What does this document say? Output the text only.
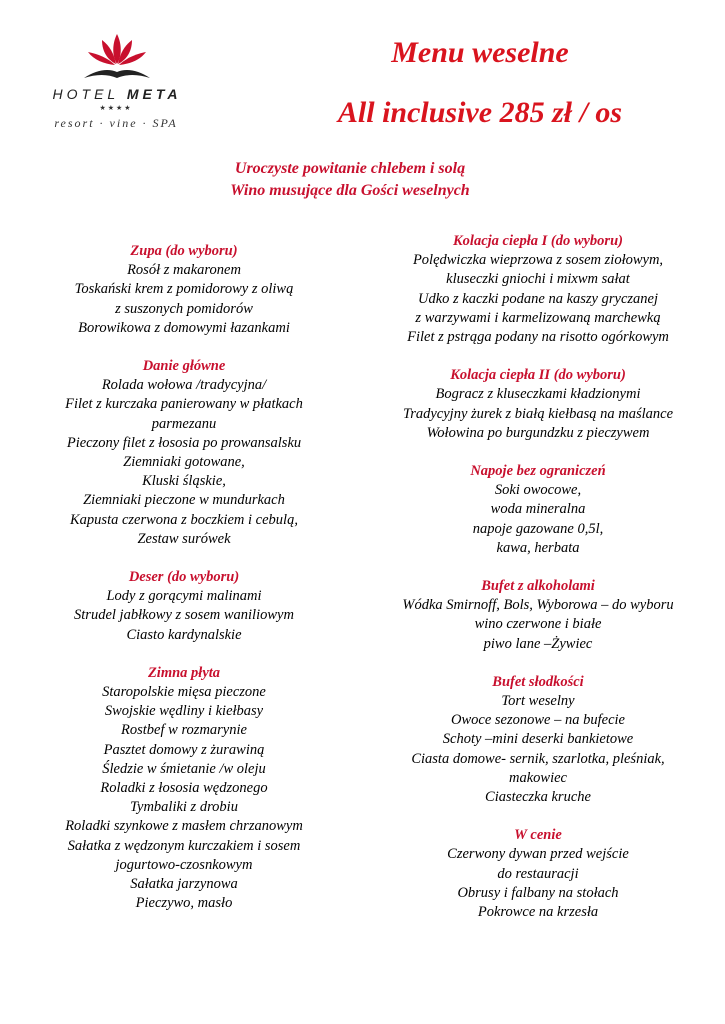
HOTEL META
★★★★
resort · vine · SPA
Menu weselne
All inclusive 285 zł / os
Uroczyste powitanie chlebem i solą
Wino musujące dla Gości weselnych
Zupa (do wyboru)
Rosół z makaronem
Toskański krem z pomidorowy z oliwą
z suszonych pomidorów
Borowikowa z domowymi łazankami
Danie główne
Rolada wołowa /tradycyjna/
Filet z kurczaka panierowany w płatkach
parmezanu
Pieczony filet z łososia po prowansalsku
Ziemniaki gotowane,
Kluski śląskie,
Ziemniaki pieczone w mundurkach
Kapusta czerwona z boczkiem i cebulą,
Zestaw surówek
Deser (do wyboru)
Lody z gorącymi malinami
Strudel jabłkowy z sosem waniliowym
Ciasto kardynalskie
Zimna płyta
Staropolskie mięsa pieczone
Swojskie wędliny i kiełbasy
Rostbef w rozmarynie
Pasztet domowy z żurawiną
Śledzie w śmietanie /w oleju
Roladki z łososia wędzonego
Tymbaliki z drobiu
Roladki szynkowe z masłem chrzanowym
Sałatka z wędzonym kurczakiem i sosem
jogurtowo-czosnkowym
Sałatka jarzynowa
Pieczywo, masło
Kolacja ciepła I (do wyboru)
Polędwiczka wieprzowa z sosem ziołowym,
kluseczki gniochi i mixwm sałat
Udko z kaczki podane na kaszy gryczanej
z warzywami i karmelizowaną marchewką
Filet z pstrąga podany na risotto ogórkowym
Kolacja ciepła II (do wyboru)
Bogracz z kluseczkami kładzionymi
Tradycyjny żurek z białą kiełbasą na maślance
Wołowina po burgundzku z pieczywem
Napoje bez ograniczeń
Soki owocowe,
woda mineralna
napoje gazowane 0,5l,
kawa, herbata
Bufet z alkoholami
Wódka Smirnoff, Bols, Wyborowa – do wyboru
wino czerwone i białe
piwo lane –Żywiec
Bufet słodkości
Tort weselny
Owoce sezonowe – na bufecie
Schoty –mini deserki bankietowe
Ciasta domowe- sernik, szarlotka, pleśniak,
makowiec
Ciasteczka kruche
W cenie
Czerwony dywan przed wejście
do restauracji
Obrusy i falbany na stołach
Pokrowce na krzesła
